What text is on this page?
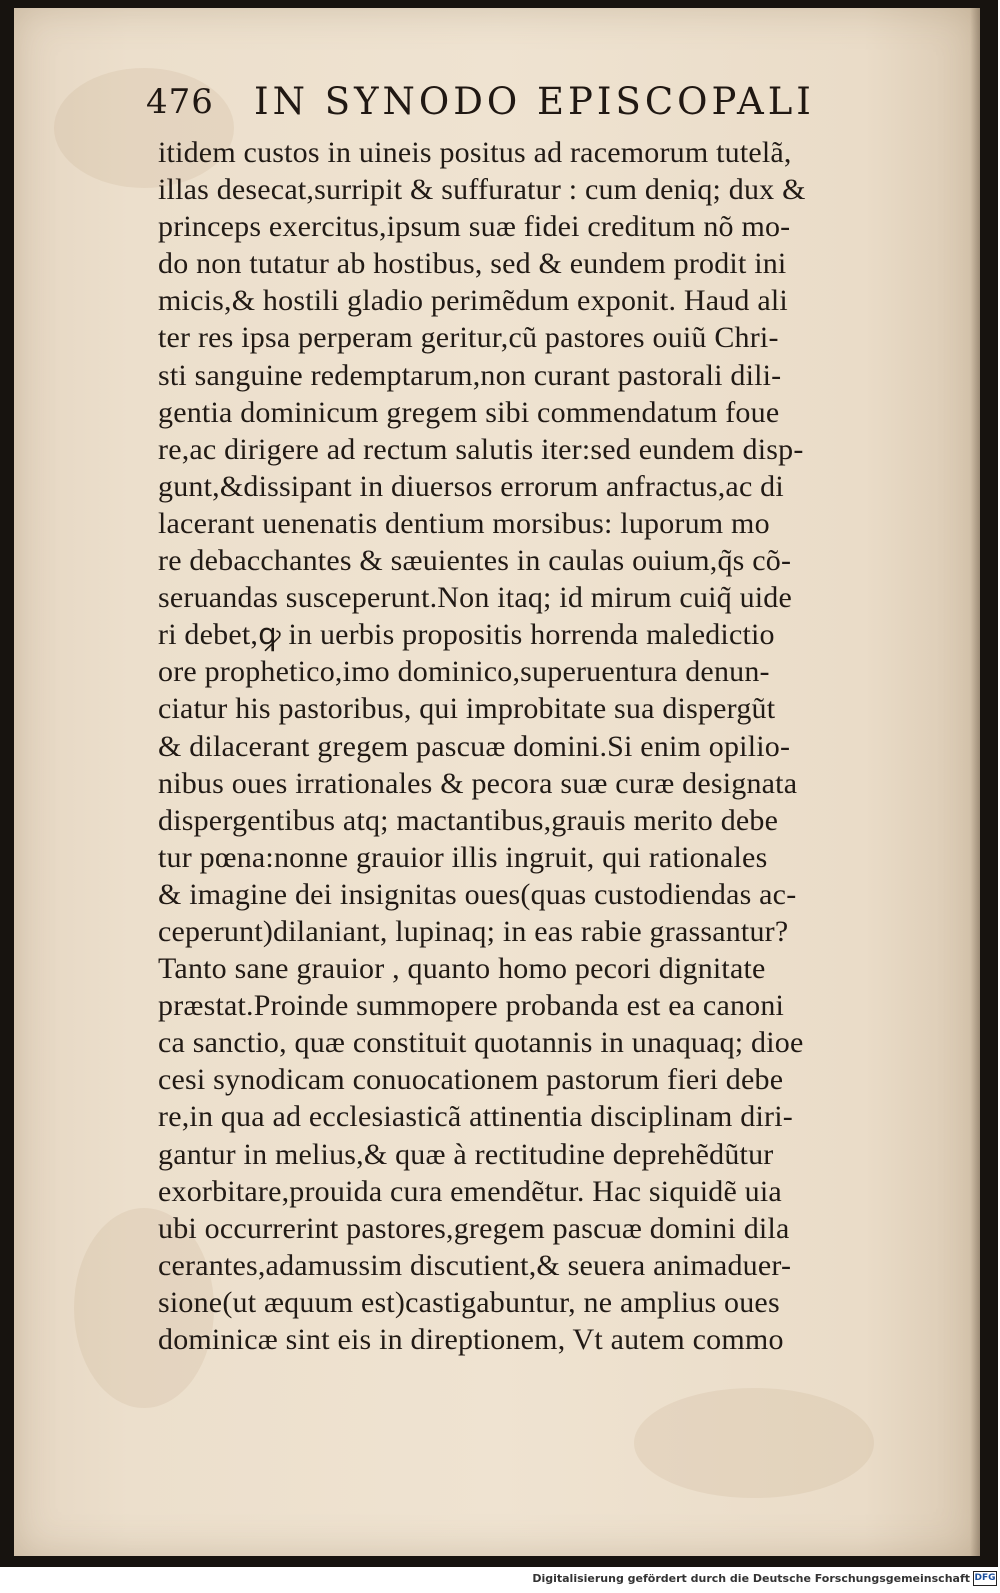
476 IN SYNODO EPISCOPALI
itidem custos in uineis positus ad racemorum tutelã,
illas desecat,surripit & suffuratur : cum deniq; dux &
princeps exercitus,ipsum suæ fidei creditum nõ mo-
do non tutatur ab hostibus, sed & eundem prodit ini
micis,& hostili gladio perimẽdum exponit. Haud ali
ter res ipsa perperam geritur,cũ pastores ouiũ Chri-
sti sanguine redemptarum,non curant pastorali dili-
gentia dominicum gregem sibi commendatum foue
re,ac dirigere ad rectum salutis iter:sed eundem disp-
gunt,&dissipant in diuersos errorum anfractus,ac di
lacerant uenenatis dentium morsibus: luporum mo
re debacchantes & sæuientes in caulas ouium,q̃s cõ-
seruandas susceperunt.Non itaq; id mirum cuiq̃ uide
ri debet,ꝙ in uerbis propositis horrenda maledictio
ore prophetico,imo dominico,superuentura denun-
ciatur his pastoribus, qui improbitate sua dispergũt
& dilacerant gregem pascuæ domini.Si enim opilio-
nibus oues irrationales & pecora suæ curæ designata
dispergentibus atq; mactantibus,grauis merito debe
tur pœna:nonne grauior illis ingruit, qui rationales
& imagine dei insignitas oues(quas custodiendas ac-
ceperunt)dilaniant, lupinaq; in eas rabie grassantur?
Tanto sane grauior , quanto homo pecori dignitate
præstat.Proinde summopere probanda est ea canoni
ca sanctio, quæ constituit quotannis in unaquaq; dioe
cesi synodicam conuocationem pastorum fieri debe
re,in qua ad ecclesiasticã attinentia disciplinam diri-
gantur in melius,& quæ à rectitudine deprehẽdũtur
exorbitare,prouida cura emendẽtur. Hac siquidẽ uia
ubi occurrerint pastores,gregem pascuæ domini dila
cerantes,adamussim discutient,& seuera animaduer-
sione(ut æquum est)castigabuntur, ne amplius oues
dominicæ sint eis in direptionem, Vt autem commo
Digitalisierung gefördert durch die Deutsche Forschungsgemeinschaft DFG
